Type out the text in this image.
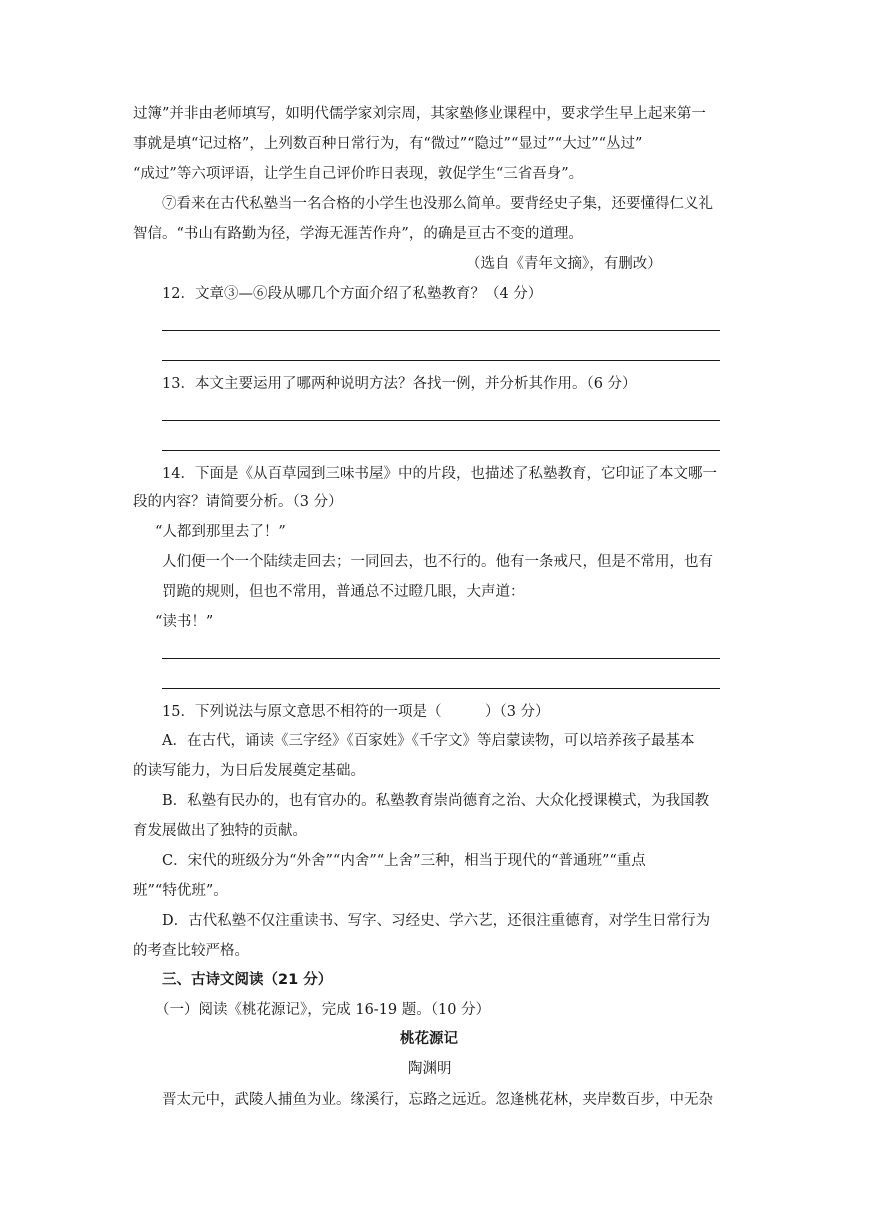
过簿”并非由老师填写，如明代儒学家刘宗周，其家塾修业课程中，要求学生早上起来第一
事就是填“记过格”，上列数百种日常行为，有“微过”“隐过”“显过”“大过”“丛过”
“成过”等六项评语，让学生自己评价昨日表现，敦促学生“三省吾身”。
⑦看来在古代私塾当一名合格的小学生也没那么简单。要背经史子集，还要懂得仁义礼
智信。“书山有路勤为径，学海无涯苦作舟”，的确是亘古不变的道理。
（选自《青年文摘》，有删改）
12．文章③—⑥段从哪几个方面介绍了私塾教育？（4 分）
13．本文主要运用了哪两种说明方法？各找一例，并分析其作用。（6 分）
14．下面是《从百草园到三味书屋》中的片段，也描述了私塾教育，它印证了本文哪一
段的内容？请简要分析。（3 分）
“人都到那里去了！”
人们便一个一个陆续走回去；一同回去，也不行的。他有一条戒尺，但是不常用，也有
罚跪的规则，但也不常用，普通总不过瞪几眼，大声道：
“读书！”
15．下列说法与原文意思不相符的一项是（　　　）（3 分）
A．在古代，诵读《三字经》《百家姓》《千字文》等启蒙读物，可以培养孩子最基本
的读写能力，为日后发展奠定基础。
B．私塾有民办的，也有官办的。私塾教育崇尚德育之治、大众化授课模式，为我国教
育发展做出了独特的贡献。
C．宋代的班级分为“外舍”“内舍”“上舍”三种，相当于现代的“普通班”“重点
班”“特优班”。
D．古代私塾不仅注重读书、写字、习经史、学六艺，还很注重德育，对学生日常行为
的考查比较严格。
三、古诗文阅读（21 分）
（一）阅读《桃花源记》，完成 16-19 题。（10 分）
桃花源记
陶渊明
晋太元中，武陵人捕鱼为业。缘溪行，忘路之远近。忽逢桃花林，夹岸数百步，中无杂
